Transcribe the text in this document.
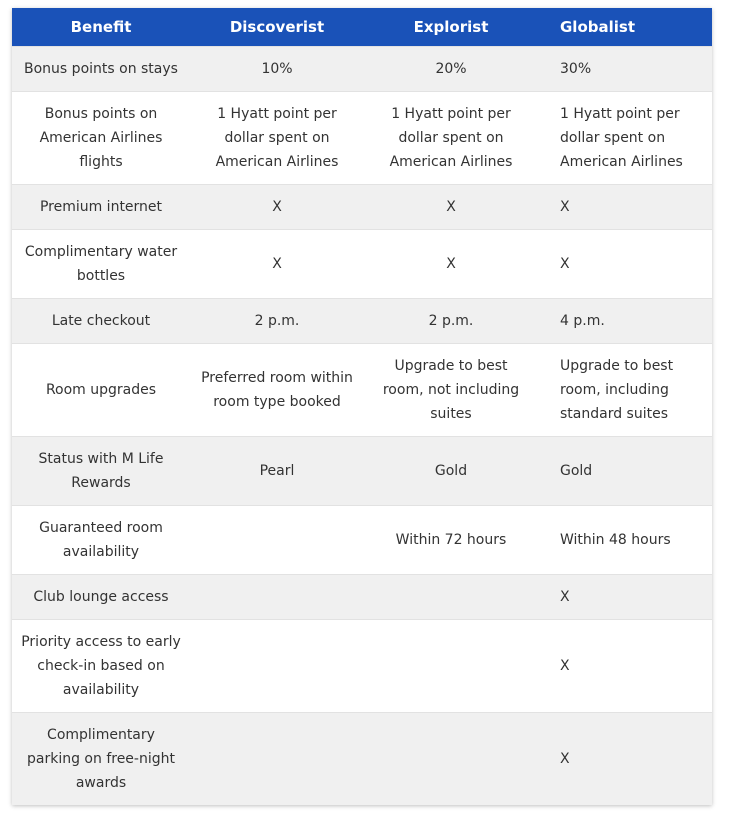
Benefit	Discoverist	Explorist	Globalist
Bonus points on stays	10%	20%	30%
Bonus points on American Airlines flights	1 Hyatt point per dollar spent on American Airlines	1 Hyatt point per dollar spent on American Airlines	1 Hyatt point per dollar spent on American Airlines
Premium internet	X	X	X
Complimentary water bottles	X	X	X
Late checkout	2 p.m.	2 p.m.	4 p.m.
Room upgrades	Preferred room within room type booked	Upgrade to best room, not including suites	Upgrade to best room, including standard suites
Status with M Life Rewards	Pearl	Gold	Gold
Guaranteed room availability		Within 72 hours	Within 48 hours
Club lounge access			X
Priority access to early check-in based on availability			X
Complimentary parking on free-night awards			X
